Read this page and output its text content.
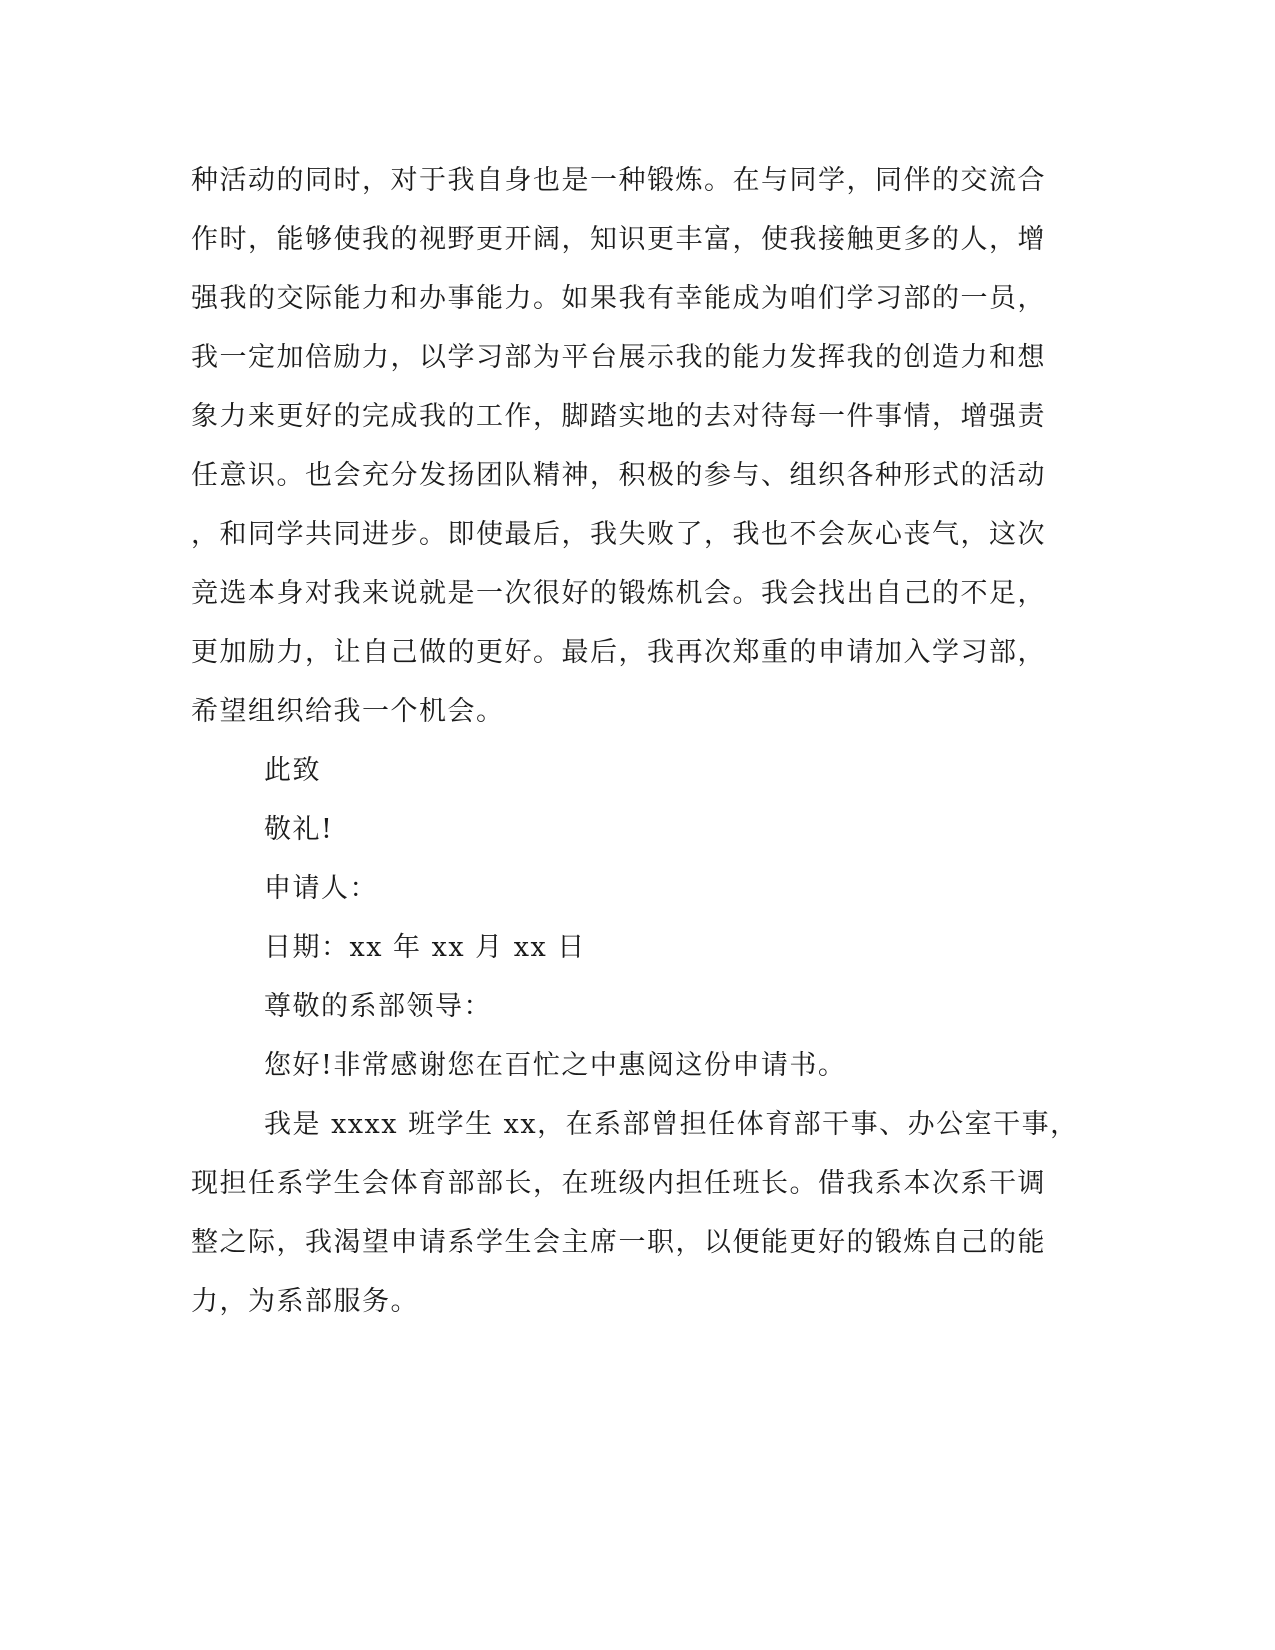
种活动的同时，对于我自身也是一种锻炼。在与同学，同伴的交流合
作时，能够使我的视野更开阔，知识更丰富，使我接触更多的人，增
强我的交际能力和办事能力。如果我有幸能成为咱们学习部的一员，
我一定加倍励力，以学习部为平台展示我的能力发挥我的创造力和想
象力来更好的完成我的工作，脚踏实地的去对待每一件事情，增强责
任意识。也会充分发扬团队精神，积极的参与、组织各种形式的活动
，和同学共同进步。即使最后，我失败了，我也不会灰心丧气，这次
竞选本身对我来说就是一次很好的锻炼机会。我会找出自己的不足，
更加励力，让自己做的更好。最后，我再次郑重的申请加入学习部，
希望组织给我一个机会。
此致
敬礼!
申请人：
日期：xx 年 xx 月 xx 日
尊敬的系部领导：
您好!非常感谢您在百忙之中惠阅这份申请书。
我是 xxxx 班学生 xx，在系部曾担任体育部干事、办公室干事，
现担任系学生会体育部部长，在班级内担任班长。借我系本次系干调
整之际，我渴望申请系学生会主席一职，以便能更好的锻炼自己的能
力，为系部服务。
